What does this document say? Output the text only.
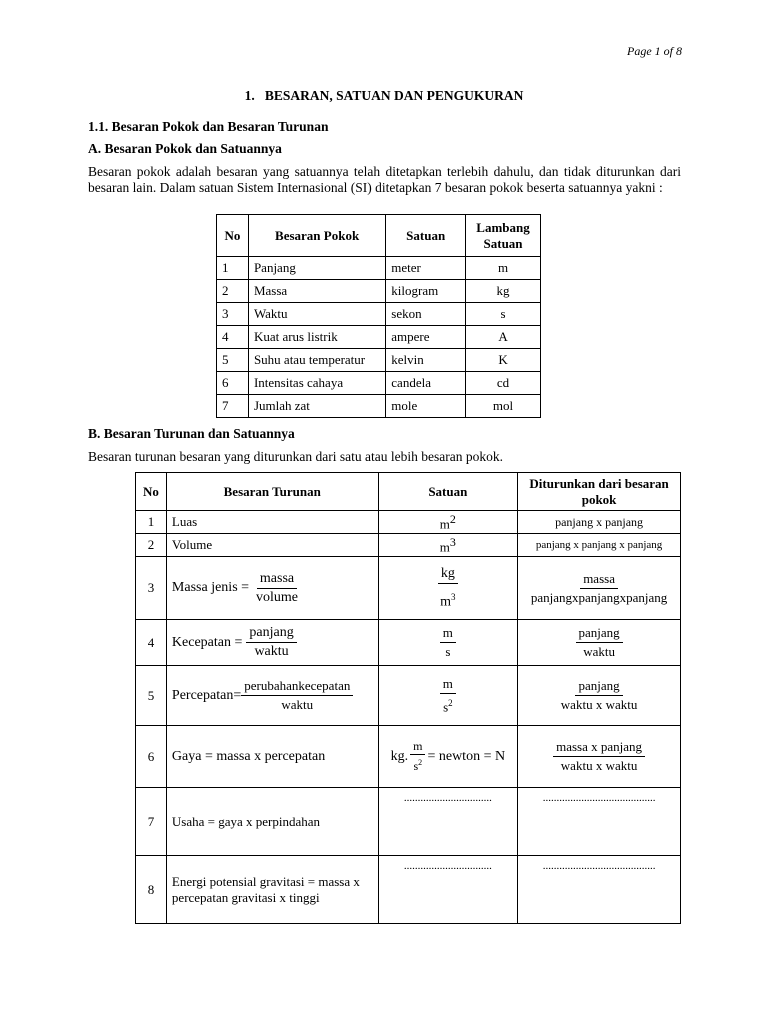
Page 1 of 8
1.   BESARAN, SATUAN DAN PENGUKURAN
1.1. Besaran Pokok dan Besaran Turunan
A. Besaran Pokok dan Satuannya
Besaran pokok adalah besaran yang satuannya telah ditetapkan terlebih dahulu, dan tidak diturunkan dari besaran lain. Dalam satuan Sistem Internasional (SI) ditetapkan 7 besaran pokok beserta satuannya yakni :
No	Besaran Pokok	Satuan	Lambang Satuan
1	Panjang	meter	m
2	Massa	kilogram	kg
3	Waktu	sekon	s
4	Kuat arus listrik	ampere	A
5	Suhu atau temperatur	kelvin	K
6	Intensitas cahaya	candela	cd
7	Jumlah zat	mole	mol
B. Besaran Turunan dan Satuannya
Besaran turunan besaran yang diturunkan dari satu atau lebih besaran pokok.
No	Besaran Turunan	Satuan	Diturunkan dari besaran pokok
1	Luas	$m^2$	panjang x panjang
2	Volume	$m^3$	panjang x panjang x panjang
3	Massa jenis = $\frac{\text{massa}}{\text{volume}}$	$\frac{kg}{m^3}$	$\frac{\text{massa}}{\text{panjangxpanjangxpanjang}}$

4	Kecepatan = $\frac{\text{panjang}}{\text{waktu}}$	$\frac{m}{s}$	$\frac{\text{panjang}}{\text{waktu}}$

5	Percepatan= $\frac{\text{perubahankecepatan}}{\text{waktu}}$	$\frac{m}{s^2}$	$\frac{\text{panjang}}{\text{waktu x waktu}}$

6	Gaya = massa x percepatan	kg. $\frac{m}{s^2}$ = newton = N	$\frac{\text{massa x panjang}}{\text{waktu x waktu}}$

7	Usaha = gaya x perpindahan	................................	.........................................
8	Energi potensial gravitasi = massa x percepatan gravitasi x tinggi	................................	.........................................
